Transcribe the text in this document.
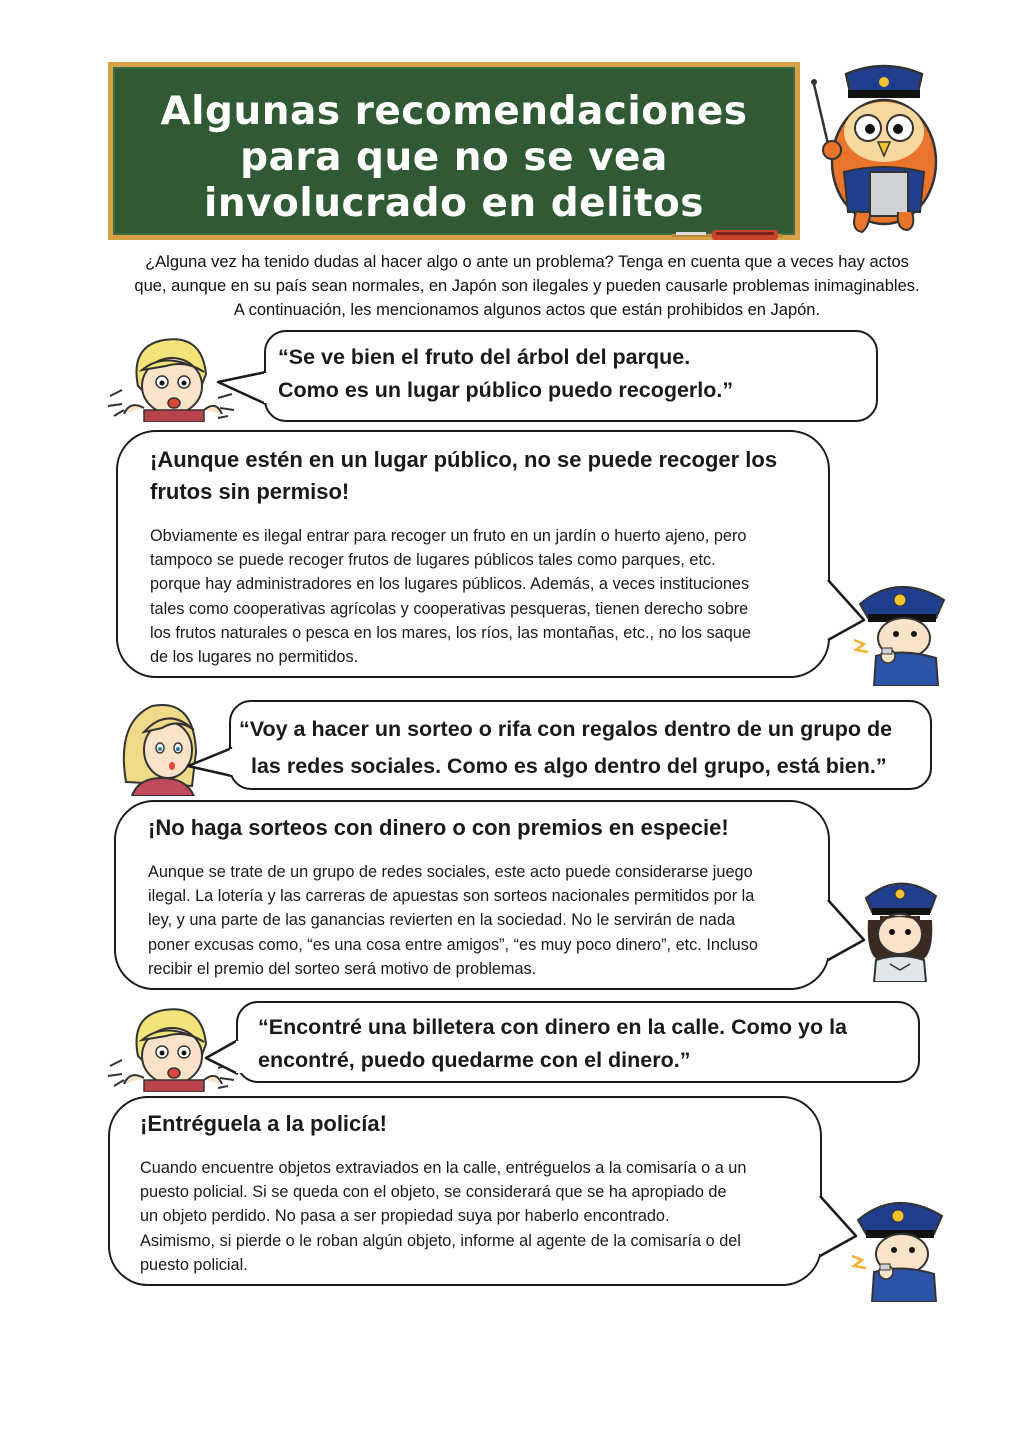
Algunas recomendaciones
para que no se vea
involucrado en delitos

¿Alguna vez ha tenido dudas al hacer algo o ante un problema? Tenga en cuenta que a veces hay actos
que, aunque en su país sean normales, en Japón son ilegales y pueden causarle problemas inimaginables.
A continuación, les mencionamos algunos actos que están prohibidos en Japón.

“Se ve bien el fruto del árbol del parque.
Como es un lugar público puedo recogerlo.”
¡Aunque estén en un lugar público, no se puede recoger los
frutos sin permiso!

Obviamente es ilegal entrar para recoger un fruto en un jardín o huerto ajeno, pero
tampoco se puede recoger frutos de lugares públicos tales como parques, etc.
porque hay administradores en los lugares públicos. Además, a veces instituciones
tales como cooperativas agrícolas y cooperativas pesqueras, tienen derecho sobre
los frutos naturales o pesca en los mares, los ríos, las montañas, etc., no los saque
de los lugares no permitidos.

“Voy a hacer un sorteo o rifa con regalos dentro de un grupo de
las redes sociales. Como es algo dentro del grupo, está bien.”
¡No haga sorteos con dinero o con premios en especie!

Aunque se trate de un grupo de redes sociales, este acto puede considerarse juego
ilegal. La lotería y las carreras de apuestas son sorteos nacionales permitidos por la
ley, y una parte de las ganancias revierten en la sociedad. No le servirán de nada
poner excusas como, “es una cosa entre amigos”, “es muy poco dinero”, etc. Incluso
recibir el premio del sorteo será motivo de problemas.

“Encontré una billetera con dinero en la calle. Como yo la
encontré, puedo quedarme con el dinero.”
¡Entréguela a la policía!

Cuando encuentre objetos extraviados en la calle, entréguelos a la comisaría o a un
puesto policial. Si se queda con el objeto, se considerará que se ha apropiado de
un objeto perdido. No pasa a ser propiedad suya por haberlo encontrado.
Asimismo, si pierde o le roban algún objeto, informe al agente de la comisaría o del
puesto policial.
